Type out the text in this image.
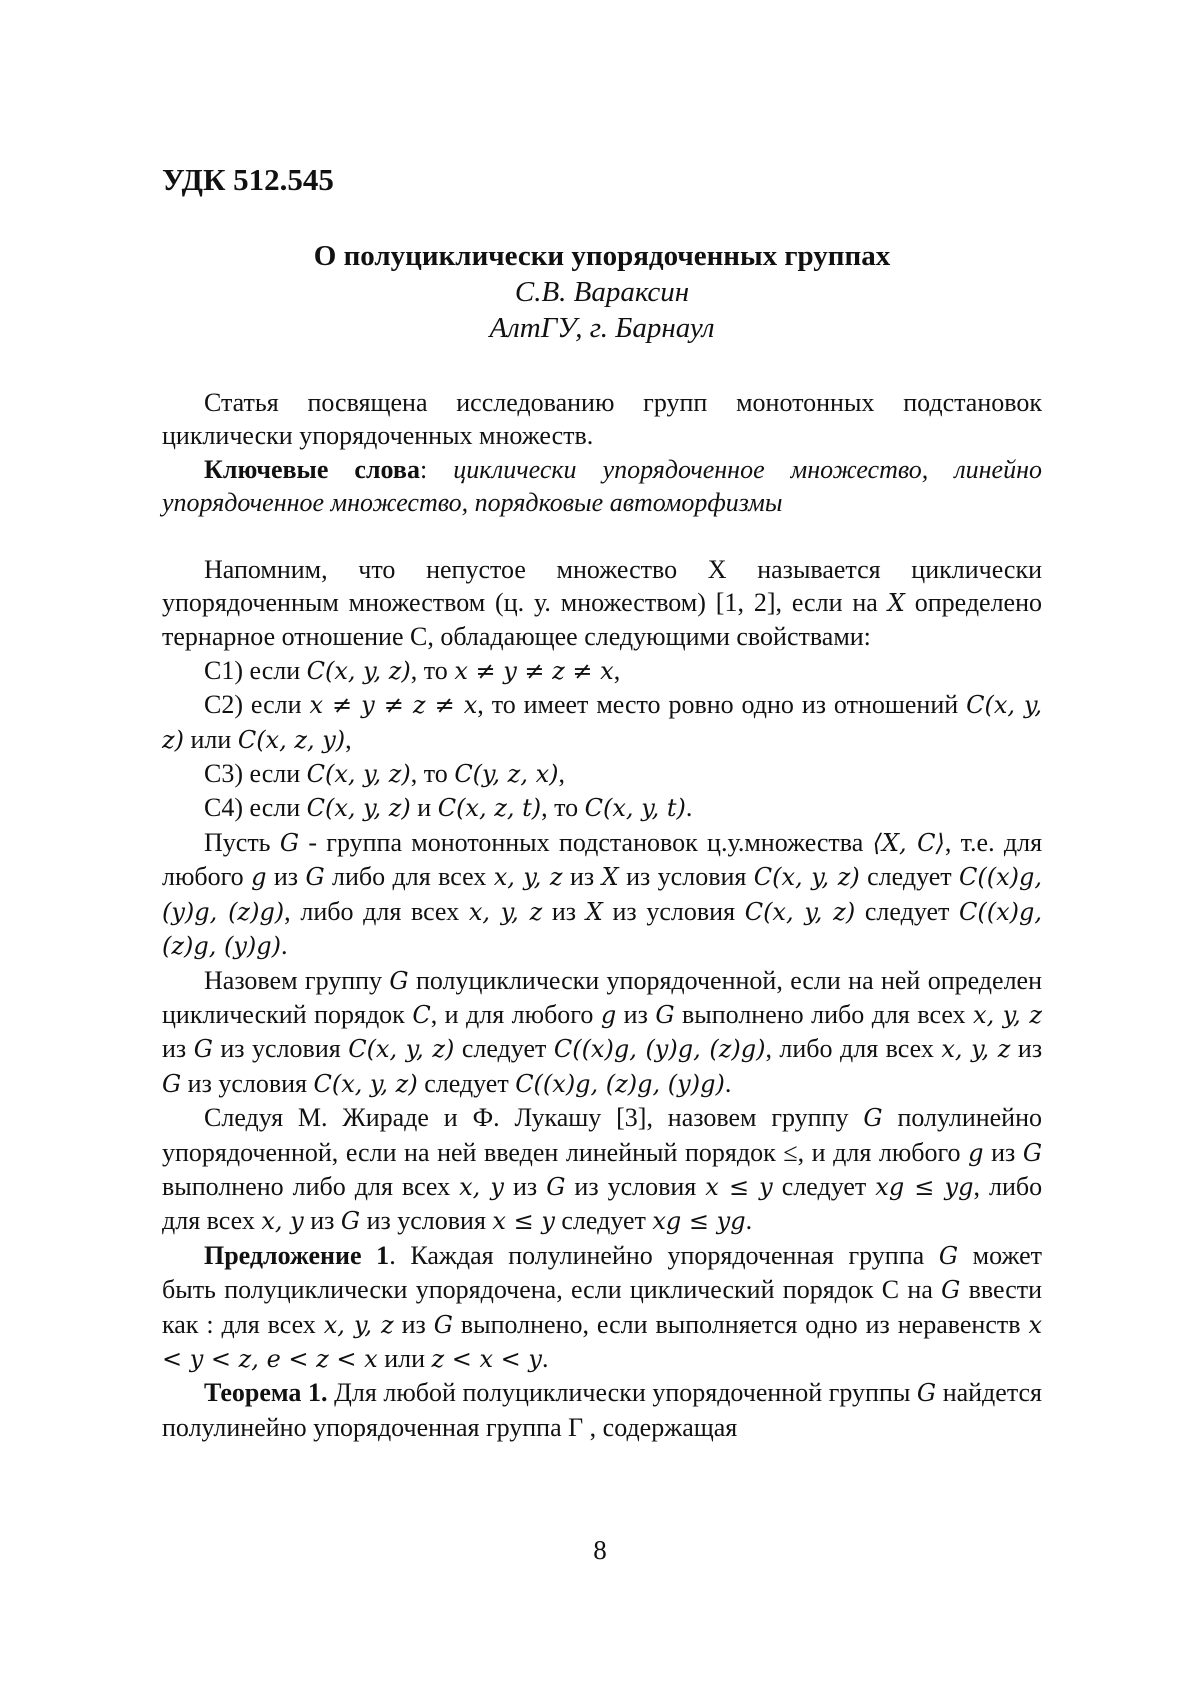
УДК 512.545
О полуциклически упорядоченных группах
С.В. Вараксин
АлтГУ, г. Барнаул

Статья посвящена исследованию групп монотонных подстановок циклически упорядоченных множеств.

Ключевые слова: циклически упорядоченное множество, линейно упорядоченное множество, порядковые автоморфизмы

Напомним, что непустое множество X называется циклически упорядоченным множеством (ц. у. множеством) [1, 2], если на X определено тернарное отношение С, обладающее следующими свойствами:

С1) если C(x, y, z), то x ≠ y ≠ z ≠ x,

С2) если x ≠ y ≠ z ≠ x, то имеет место ровно одно из отношений C(x, y, z) или C(x, z, y),

С3) если C(x, y, z), то C(y, z, x),

С4) если C(x, y, z) и C(x, z, t), то C(x, y, t).

Пусть G - группа монотонных подстановок ц.у.множества ⟨X, C⟩, т.е. для любого g из G либо для всех x, y, z из X из условия C(x, y, z) следует C((x)g, (y)g, (z)g), либо для всех x, y, z из X из условия C(x, y, z) следует C((x)g, (z)g, (y)g).

Назовем группу G полуциклически упорядоченной, если на ней определен циклический порядок C, и для любого g из G выполнено либо для всех x, y, z из G из условия C(x, y, z) следует C((x)g, (y)g, (z)g), либо для всех x, y, z из G из условия C(x, y, z) следует C((x)g, (z)g, (y)g).

Следуя М. Жираде и Ф. Лукашу [3], назовем группу G полулинейно упорядоченной, если на ней введен линейный порядок ≤, и для любого g из G выполнено либо для всех x, y из G из условия x ≤ y следует xg ≤ yg, либо для всех x, y из G из условия x ≤ y следует xg ≤ yg.

Предложение 1. Каждая полулинейно упорядоченная группа G может быть полуциклически упорядочена, если циклический порядок С на G ввести как : для всех x, y, z из G выполнено, если выполняется одно из неравенств x < y < z, e < z < x или z < x < y.

Теорема 1. Для любой полуциклически упорядоченной группы G найдется полулинейно упорядоченная группа Г , содержащая

8
